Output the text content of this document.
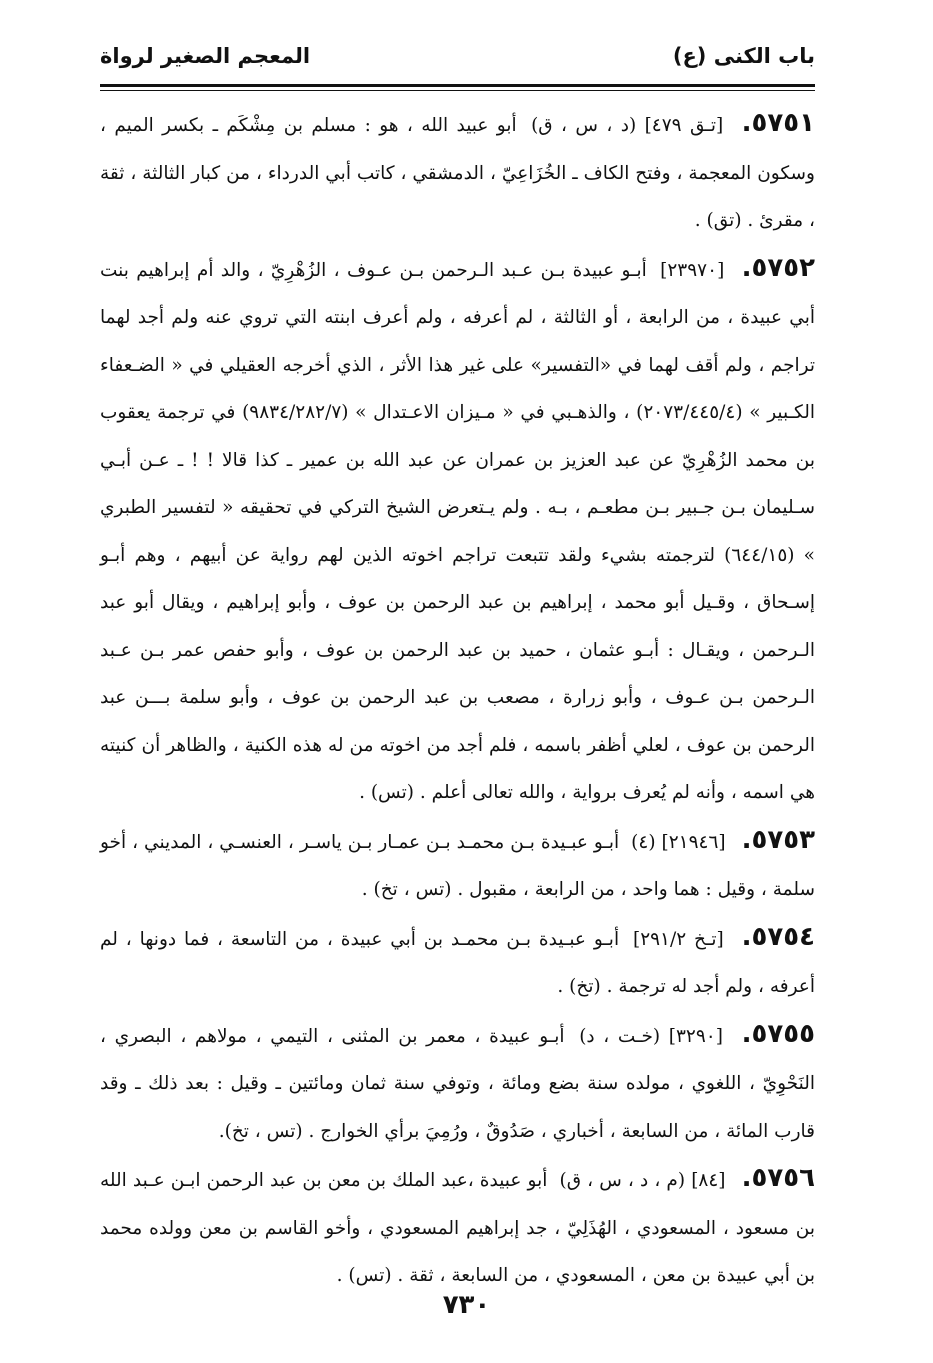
باب الكنى (ع)
المعجم الصغير لرواة

٥٧٥١. [تـق ٤٧٩] (د ، س ، ق) أبو عبيد الله ، هو : مسلم بن مِشْكَم ـ بكسر الميم ، وسكون المعجمة ، وفتح الكاف ـ الخُزَاعِيّ ، الدمشقي ، كاتب أبي الدرداء ، من كبار الثالثة ، ثقة ، مقرئ . (تق) .

٥٧٥٢. [٢٣٩٧٠] أبـو عبيدة بـن عـبد الـرحمن بـن عـوف ، الزُهْرِيّ ، والد أم إبراهيم بنت أبي عبيدة ، من الرابعة ، أو الثالثة ، لم أعرفه ، ولم أعرف ابنته التي تروي عنه ولم أجد لهما تراجم ، ولم أقف لهما في «التفسير» على غير هذا الأثر ، الذي أخرجه العقيلي في « الضـعفاء الكـبير » (٢٠٧٣/٤٤٥/٤) ، والذهـبي في « مـيزان الاعـتدال » (٩٨٣٤/٢٨٢/٧) في ترجمة يعقوب بن محمد الزُهْرِيّ عن عبد العزيز بن عمران عن عبد الله بن عمير ـ كذا قالا ! ! ـ عـن أبـي سـليمان بـن جـبير بـن مطعـم ، بـه . ولم يـتعرض الشيخ التركي في تحقيقه « لتفسير الطبري » (٦٤٤/١٥) لترجمته بشيء ولقد تتبعت تراجم اخوته الذين لهم رواية عن أبيهم ، وهم أبـو إسـحاق ، وقـيل أبو محمد ، إبراهيم بن عبد الرحمن بن عوف ، وأبو إبراهيم ، ويقال أبو عبد الـرحمن ، ويقـال : أبـو عثمان ، حميد بن عبد الرحمن بن عوف ، وأبو حفص عمر بـن عـبد الـرحمن بـن عـوف ، وأبو زرارة ، مصعب بن عبد الرحمن بن عوف ، وأبو سلمة بـــن عبد الرحمن بن عوف ، لعلي أظفر باسمه ، فلم أجد من اخوته من له هذه الكنية ، والظاهر أن كنيته هي اسمه ، وأنه لم يُعرف برواية ، والله تعالى أعلم . (تس) .

٥٧٥٣. [٢١٩٤٦] (٤) أبـو عبـيدة بـن محمـد بـن عمـار بـن ياسـر ، العنسـي ، المديني ، أخو سلمة ، وقيل : هما واحد ، من الرابعة ، مقبول . (تس ، تخ) .

٥٧٥٤. [تـخ ٢٩١/٢] أبـو عبـيدة بـن محمـد بن أبي عبيدة ، من التاسعة ، فما دونها ، لم أعرفه ، ولم أجد له ترجمة . (تخ) .

٥٧٥٥. [٣٢٩٠] (خـت ، د) أبـو عبيدة ، معمر بن المثنى ، التيمي ، مولاهم ، البصري ، النَحْوِيّ ، اللغوي ، مولده سنة بضع ومائة ، وتوفي سنة ثمان ومائتين ـ وقيل : بعد ذلك ـ وقد قارب المائة ، من السابعة ، أخباري ، صَدُوقٌ ، ورُمِيَ برأي الخوارج . (تس ، تخ).

٥٧٥٦. [٨٤] (م ، د ، س ، ق) أبو عبيدة ،عبد الملك بن معن بن عبد الرحمن ابـن عـبد الله بن مسعود ، المسعودي ، الهُذَلِيّ ، جد إبراهيم المسعودي ، وأخو القاسم بن معن وولده محمد بن أبي عبيدة بن معن ، المسعودي ، من السابعة ، ثقة . (تس) .

٧٣٠
